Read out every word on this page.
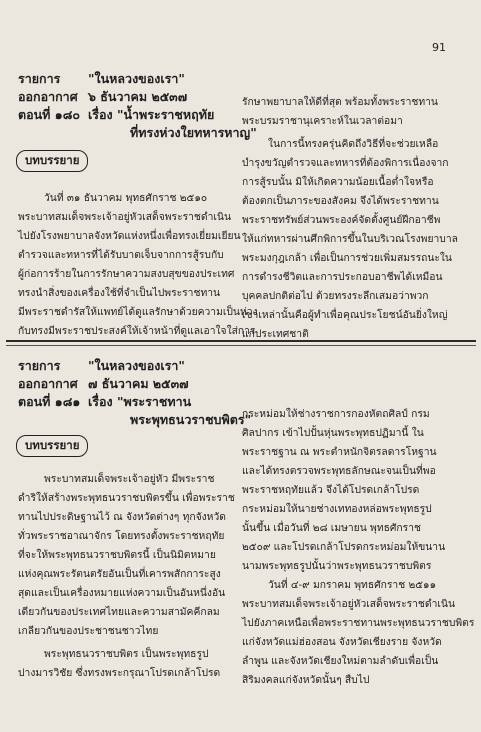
91
รายการ "ในหลวงของเรา"
ออกอากาศ ๖ ธันวาคม ๒๕๓๗
ตอนที่ ๑๘๐ เรื่อง "น้ำพระราชหฤทัย
ที่ทรงห่วงใยทหารหาญ"
บทบรรยาย
วันที่ ๓๑ ธันวาคม พุทธศักราช ๒๕๑๐
พระบาทสมเด็จพระเจ้าอยู่หัวเสด็จพระราชดำเนิน
ไปยังโรงพยาบาลจังหวัดแห่งหนึ่งเพื่อทรงเยี่ยมเยียน
ตำรวจและทหารที่ได้รับบาดเจ็บจากการสู้รบกับ
ผู้ก่อการร้ายในการรักษาความสงบสุขของประเทศ
ทรงนำสิ่งของเครื่องใช้ที่จำเป็นไปพระราชทาน
มีพระราชดำรัสให้แพทย์ได้ดูแลรักษาด้วยความเป็นห่วง
กับทรงมีพระราชประสงค์ให้เจ้าหน้าที่ดูแลเอาใจใส่การ
รักษาพยาบาลให้ดีที่สุด พร้อมทั้งพระราชทาน
พระบรมราชานุเคราะห์ในเวลาต่อมา
ในการนี้ทรงครุ่นคิดถึงวิธีที่จะช่วยเหลือ
บำรุงขวัญตำรวจและทหารที่ต้องพิการเนื่องจาก
การสู้รบนั้น มิให้เกิดความน้อยเนื้อต่ำใจหรือ
ต้องตกเป็นภาระของสังคม จึงได้พระราชทาน
พระราชทรัพย์ส่วนพระองค์จัดตั้งศูนย์ฝึกอาชีพ
ให้แก่ทหารผ่านศึกพิการขึ้นในบริเวณโรงพยาบาล
พระมงกุฎเกล้า เพื่อเป็นการช่วยเพิ่มสมรรถนะใน
การดำรงชีวิตและการประกอบอาชีพได้เหมือน
บุคคลปกติต่อไป ด้วยทรงระลึกเสมอว่าพวก
เขาเหล่านั้นคือผู้ทำเพื่อคุณประโยชน์อันยิ่งใหญ่
แก่ประเทศชาติ
รายการ "ในหลวงของเรา"
ออกอากาศ ๗ ธันวาคม ๒๕๓๗
ตอนที่ ๑๘๑ เรื่อง "พระราชทาน
พระพุทธนวราชบพิตร"
บทบรรยาย
พระบาทสมเด็จพระเจ้าอยู่หัว มีพระราช
ดำริให้สร้างพระพุทธนวราชบพิตรขึ้น เพื่อพระราช
ทานไปประดิษฐานไว้ ณ จังหวัดต่างๆ ทุกจังหวัด
ทั่วพระราชอาณาจักร โดยทรงตั้งพระราชหฤทัย
ที่จะให้พระพุทธนวราชบพิตรนี้ เป็นนิมิตหมาย
แห่งคุณพระรัตนตรัยอันเป็นที่เคารพสักการะสูง
สุดและเป็นเครื่องหมายแห่งความเป็นอันหนึ่งอัน
เดียวกันของประเทศไทยและความสามัคคีกลม
เกลียวกันของประชาชนชาวไทย
พระพุทธนวราชบพิตร เป็นพระพุทธรูป
ปางมารวิชัย ซึ่งทรงพระกรุณาโปรดเกล้าโปรด
กระหม่อมให้ช่างราชการกองหัตถศิลป์ กรม
ศิลปากร เข้าไปปั้นหุ่นพระพุทธปฏิมานี้ ใน
พระราชฐาน ณ พระตำหนักจิตรลดารโหฐาน
และได้ทรงตรวจพระพุทธลักษณะจนเป็นที่พอ
พระราชหฤทัยแล้ว จึงได้โปรดเกล้าโปรด
กระหม่อมให้นายช่างเททองหล่อพระพุทธรูป
นั้นขึ้น เมื่อวันที่ ๒๘ เมษายน พุทธศักราช
๒๕๐๙ และโปรดเกล้าโปรดกระหม่อมให้ขนาน
นามพระพุทธรูปนั้นว่าพระพุทธนวราชบพิตร
วันที่ ๔-๙ มกราคม พุทธศักราช ๒๕๑๑
พระบาทสมเด็จพระเจ้าอยู่หัวเสด็จพระราชดำเนิน
ไปยังภาคเหนือเพื่อพระราชทานพระพุทธนวราชบพิตร
แก่จังหวัดแม่ฮ่องสอน จังหวัดเชียงราย จังหวัด
ลำพูน และจังหวัดเชียงใหม่ตามลำดับเพื่อเป็น
สิริมงคลแก่จังหวัดนั้นๆ สืบไป
